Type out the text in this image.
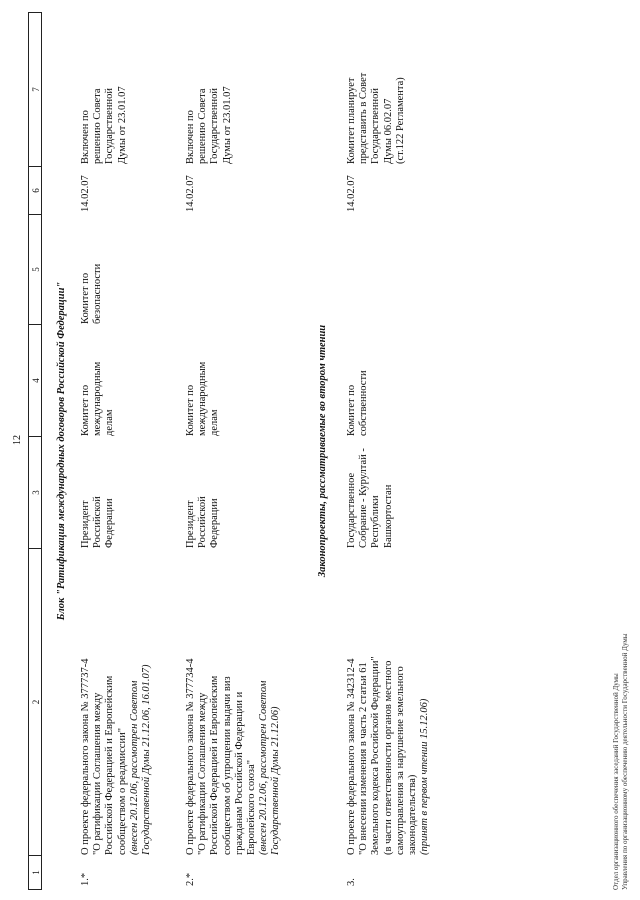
12
1
2
3
4
5
6
7
Блок "Ратификация международных договоров Российской Федерации"
1.*
О проекте федерального закона № 377737-4 "О ратификации Соглашения между Российской Федерацией и Европейским сообществом о реадмиссии" (внесен 20.12.06, рассмотрен Советом Государственной Думы 21.12.06, 16.01.07)
Президент Российской Федерации
Комитет по международным делам
Комитет по безопасности
14.02.07
Включен по решению Совета Государственной Думы от 23.01.07
2.*
О проекте федерального закона № 377734-4 "О ратификации Соглашения между Российской Федерацией и Европейским сообществом об упрощении выдачи виз гражданам Российской Федерации и Европейского союза" (внесен 20.12.06, рассмотрен Советом Государственной Думы 21.12.06)
Президент Российской Федерации
Комитет по международным делам
14.02.07
Включен по решению Совета Государственной Думы от 23.01.07
Законопроекты, рассматриваемые во втором чтении
3.
О проекте федерального закона № 342312-4 "О внесении изменения в часть 2 статьи 61 Земельного кодекса Российской Федерации" (в части ответственности органов местного самоуправления за нарушение земельного законодательства) (принят в первом чтении 15.12.06)
Государственное Собрание - Курултай - Республики Башкортостан
Комитет по собственности
14.02.07
Комитет планирует представить в Совет Государственной Думы 06.02.07 (ст.122 Регламента)
Отдел организационного обеспечения заседаний Государственной Думы Управления по организационному обеспечению деятельности Государственной Думы
